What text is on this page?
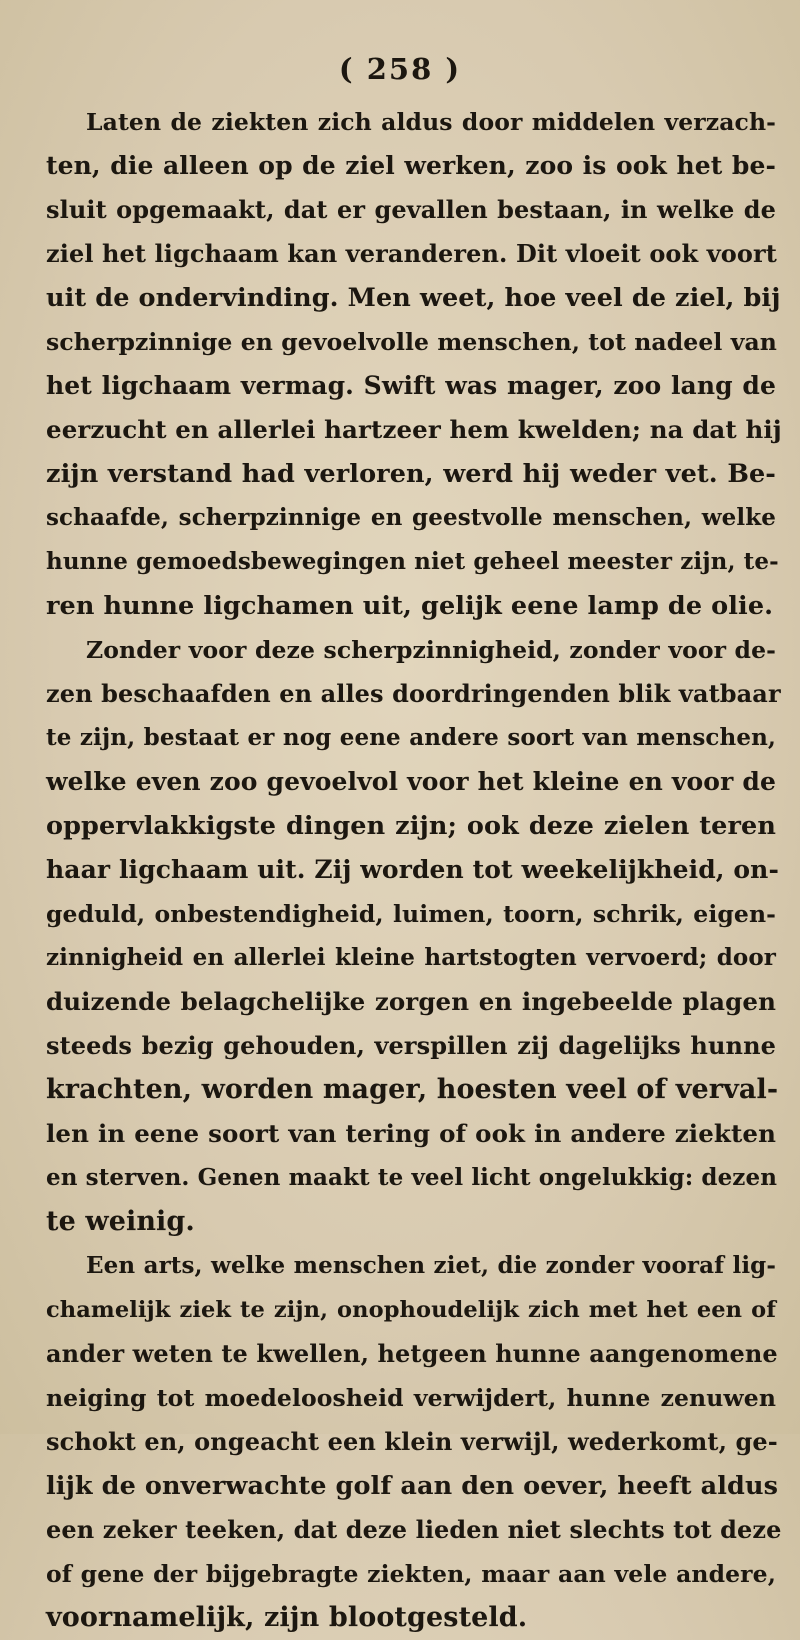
( 258 )
Laten de ziekten zich aldus door middelen verzach-
ten, die alleen op de ziel werken, zoo is ook het be-
sluit opgemaakt, dat er gevallen bestaan, in welke de
ziel het ligchaam kan veranderen. Dit vloeit ook voort
uit de ondervinding. Men weet, hoe veel de ziel, bij
scherpzinnige en gevoelvolle menschen, tot nadeel van
het ligchaam vermag. Swift was mager, zoo lang de
eerzucht en allerlei hartzeer hem kwelden; na dat hij
zijn verstand had verloren, werd hij weder vet. Be-
schaafde, scherpzinnige en geestvolle menschen, welke
hunne gemoedsbewegingen niet geheel meester zijn, te-
ren hunne ligchamen uit, gelijk eene lamp de olie.
Zonder voor deze scherpzinnigheid, zonder voor de-
zen beschaafden en alles doordringenden blik vatbaar
te zijn, bestaat er nog eene andere soort van menschen,
welke even zoo gevoelvol voor het kleine en voor de
oppervlakkigste dingen zijn; ook deze zielen teren
haar ligchaam uit. Zij worden tot weekelijkheid, on-
geduld, onbestendigheid, luimen, toorn, schrik, eigen-
zinnigheid en allerlei kleine hartstogten vervoerd; door
duizende belagchelijke zorgen en ingebeelde plagen
steeds bezig gehouden, verspillen zij dagelijks hunne
krachten, worden mager, hoesten veel of verval-
len in eene soort van tering of ook in andere ziekten
en sterven. Genen maakt te veel licht ongelukkig: dezen
te weinig.
Een arts, welke menschen ziet, die zonder vooraf lig-
chamelijk ziek te zijn, onophoudelijk zich met het een of
ander weten te kwellen, hetgeen hunne aangenomene
neiging tot moedeloosheid verwijdert, hunne zenuwen
schokt en, ongeacht een klein verwijl, wederkomt, ge-
lijk de onverwachte golf aan den oever, heeft aldus
een zeker teeken, dat deze lieden niet slechts tot deze
of gene der bijgebragte ziekten, maar aan vele andere,
voornamelijk, zijn blootgesteld.
